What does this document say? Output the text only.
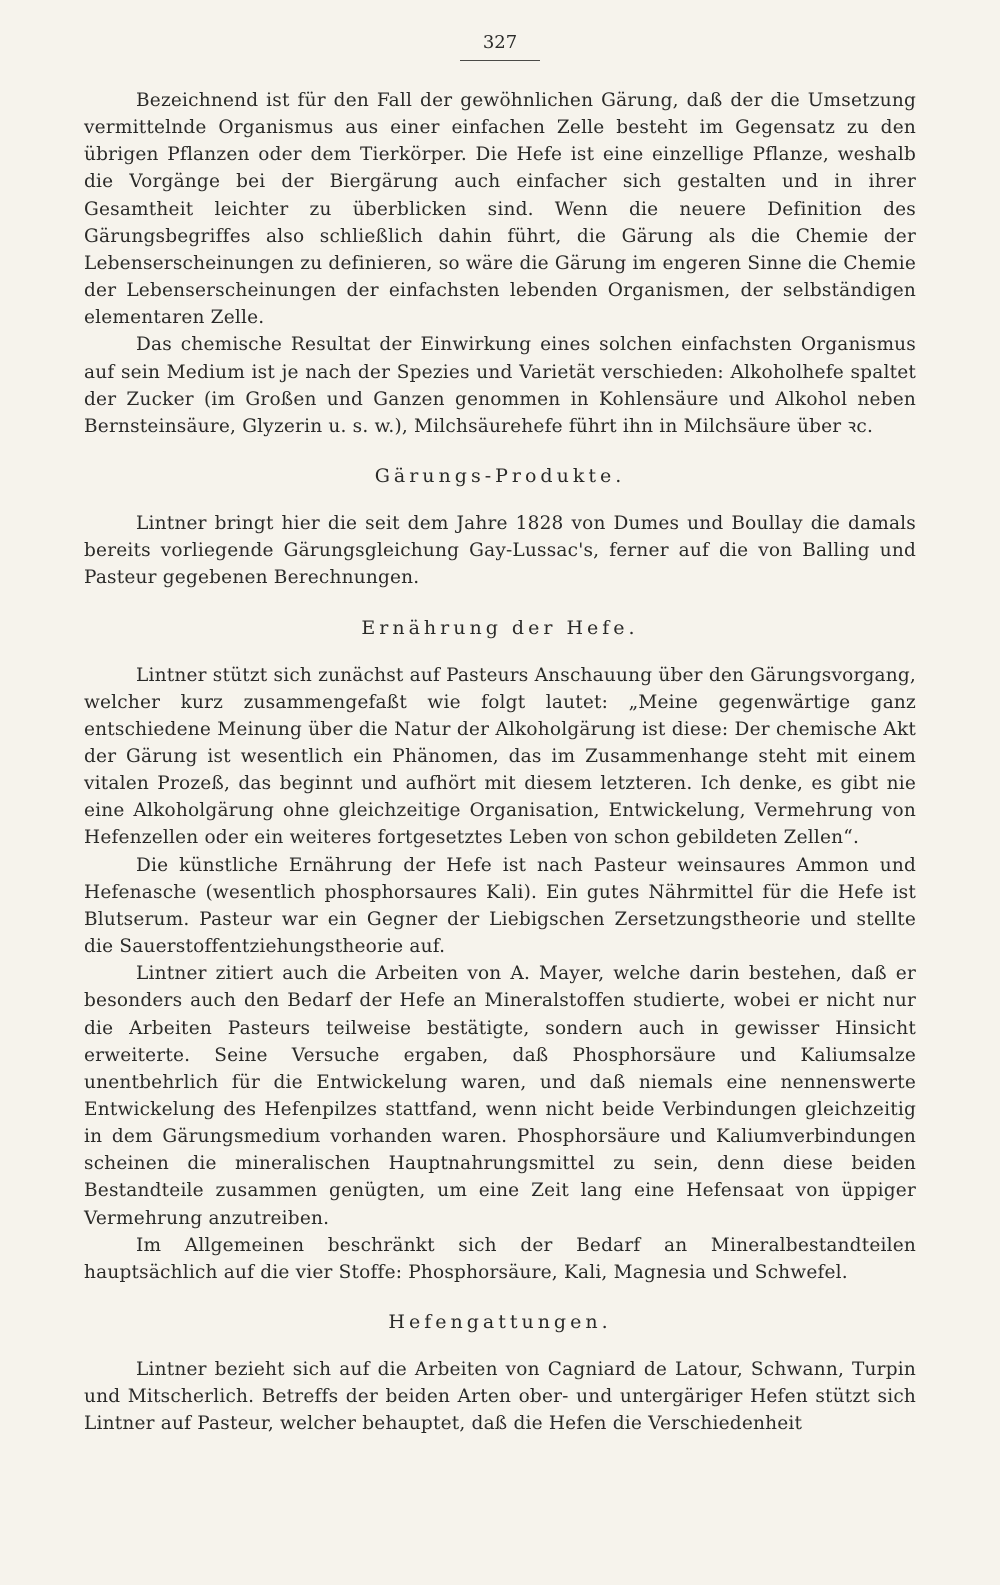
327

Bezeichnend ist für den Fall der gewöhnlichen Gärung, daß der die Umsetzung vermittelnde Organismus aus einer einfachen Zelle besteht im Gegensatz zu den übrigen Pflanzen oder dem Tierkörper. Die Hefe ist eine einzellige Pflanze, weshalb die Vorgänge bei der Biergärung auch einfacher sich gestalten und in ihrer Gesamtheit leichter zu überblicken sind. Wenn die neuere Definition des Gärungsbegriffes also schließlich dahin führt, die Gärung als die Chemie der Lebenserscheinungen zu definieren, so wäre die Gärung im engeren Sinne die Chemie der Lebenserscheinungen der einfachsten lebenden Organismen, der selbständigen elementaren Zelle.

Das chemische Resultat der Einwirkung eines solchen einfachsten Organismus auf sein Medium ist je nach der Spezies und Varietät verschieden: Alkoholhefe spaltet der Zucker (im Großen und Ganzen genommen in Kohlensäure und Alkohol neben Bernsteinsäure, Glyzerin u. s. w.), Milchsäurehefe führt ihn in Milchsäure über ꝛc.

Gärungs-Produkte.

Lintner bringt hier die seit dem Jahre 1828 von Dumes und Boullay die damals bereits vorliegende Gärungsgleichung Gay-Lussac's, ferner auf die von Balling und Pasteur gegebenen Berechnungen.

Ernährung der Hefe.

Lintner stützt sich zunächst auf Pasteurs Anschauung über den Gärungsvorgang, welcher kurz zusammengefaßt wie folgt lautet: „Meine gegenwärtige ganz entschiedene Meinung über die Natur der Alkoholgärung ist diese: Der chemische Akt der Gärung ist wesentlich ein Phänomen, das im Zusammenhange steht mit einem vitalen Prozeß, das beginnt und aufhört mit diesem letzteren. Ich denke, es gibt nie eine Alkoholgärung ohne gleichzeitige Organisation, Entwickelung, Vermehrung von Hefenzellen oder ein weiteres fortgesetztes Leben von schon gebildeten Zellen“.

Die künstliche Ernährung der Hefe ist nach Pasteur weinsaures Ammon und Hefenasche (wesentlich phosphorsaures Kali). Ein gutes Nährmittel für die Hefe ist Blutserum. Pasteur war ein Gegner der Liebigschen Zersetzungstheorie und stellte die Sauerstoffentziehungstheorie auf.

Lintner zitiert auch die Arbeiten von A. Mayer, welche darin bestehen, daß er besonders auch den Bedarf der Hefe an Mineralstoffen studierte, wobei er nicht nur die Arbeiten Pasteurs teilweise bestätigte, sondern auch in gewisser Hinsicht erweiterte. Seine Versuche ergaben, daß Phosphorsäure und Kaliumsalze unentbehrlich für die Entwickelung waren, und daß niemals eine nennenswerte Entwickelung des Hefenpilzes stattfand, wenn nicht beide Verbindungen gleichzeitig in dem Gärungsmedium vorhanden waren. Phosphorsäure und Kaliumverbindungen scheinen die mineralischen Hauptnahrungsmittel zu sein, denn diese beiden Bestandteile zusammen genügten, um eine Zeit lang eine Hefensaat von üppiger Vermehrung anzutreiben.

Im Allgemeinen beschränkt sich der Bedarf an Mineralbestandteilen hauptsächlich auf die vier Stoffe: Phosphorsäure, Kali, Magnesia und Schwefel.

Hefengattungen.

Lintner bezieht sich auf die Arbeiten von Cagniard de Latour, Schwann, Turpin und Mitscherlich. Betreffs der beiden Arten ober- und untergäriger Hefen stützt sich Lintner auf Pasteur, welcher behauptet, daß die Hefen die Verschiedenheit
